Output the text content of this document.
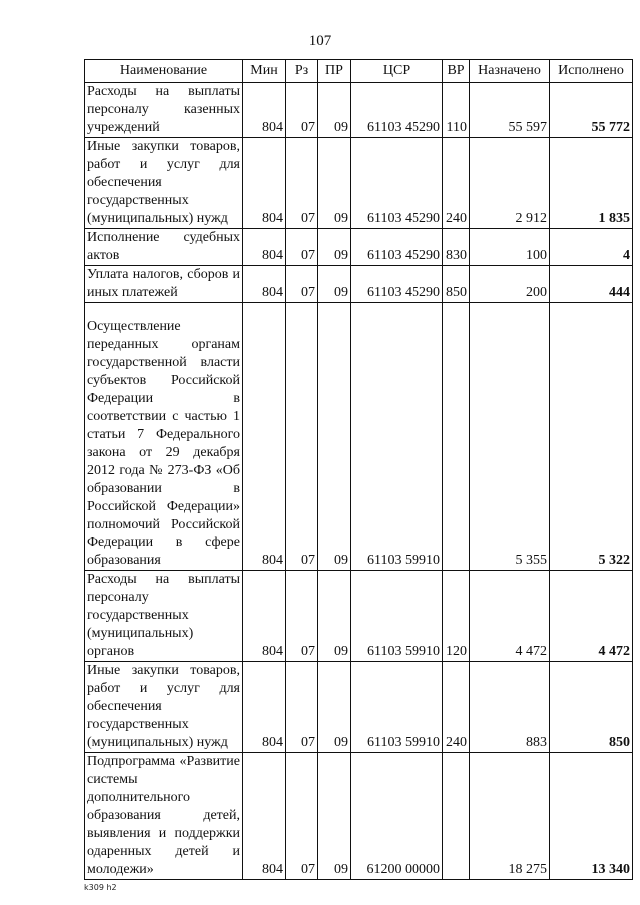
107
Наименование	Мин	Рз	ПР	ЦСР	ВР	Назначено	Исполнено
Расходы на выплаты персоналу казенных учреждений	804	07	09	61103 45290	110	55 597	55 772
Иные закупки товаров, работ и услуг для обеспечения государственных (муниципальных) нужд	804	07	09	61103 45290	240	2 912	1 835
Исполнение судебных актов	804	07	09	61103 45290	830	100	4
Уплата налогов, сборов и иных платежей	804	07	09	61103 45290	850	200	444
Осуществление переданных органам государственной власти субъектов Российской Федерации в соответствии с частью 1 статьи 7 Федерального закона от 29 декабря 2012 года № 273-ФЗ «Об образовании в Российской Федерации» полномочий Российской Федерации в сфере образования	804	07	09	61103 59910		5 355	5 322
Расходы на выплаты персоналу государственных (муниципальных) органов	804	07	09	61103 59910	120	4 472	4 472
Иные закупки товаров, работ и услуг для обеспечения государственных (муниципальных) нужд	804	07	09	61103 59910	240	883	850
Подпрограмма «Развитие системы дополнительного образования детей, выявления и поддержки одаренных детей и молодежи»	804	07	09	61200 00000		18 275	13 340
k309 h2
